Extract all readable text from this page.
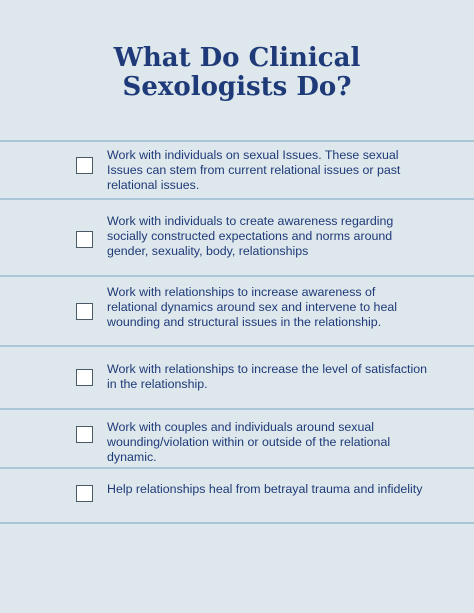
What Do Clinical
Sexologists Do?

Work with individuals on sexual Issues. These sexual Issues can stem from current relational issues or past relational issues.

Work with individuals to create awareness regarding socially constructed expectations and norms around gender, sexuality, body, relationships

Work with relationships to increase awareness of relational dynamics around sex and intervene to heal wounding and structural issues in the relationship.

Work with relationships to increase the level of satisfaction in the relationship.

Work with couples and individuals around sexual wounding/violation within or outside of the relational dynamic.

Help relationships heal from betrayal trauma and infidelity
